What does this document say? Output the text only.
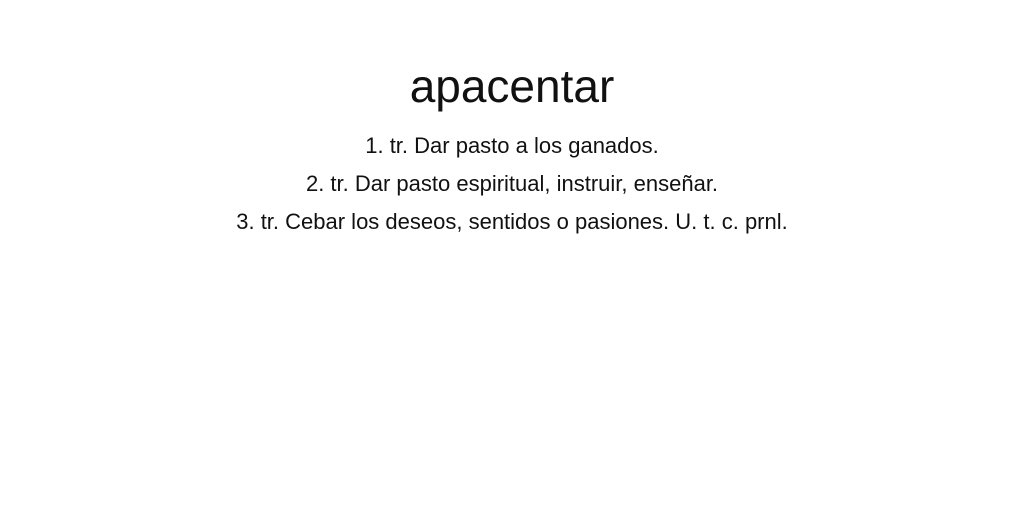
apacentar
1. tr. Dar pasto a los ganados.
2. tr. Dar pasto espiritual, instruir, enseñar.
3. tr. Cebar los deseos, sentidos o pasiones. U. t. c. prnl.
